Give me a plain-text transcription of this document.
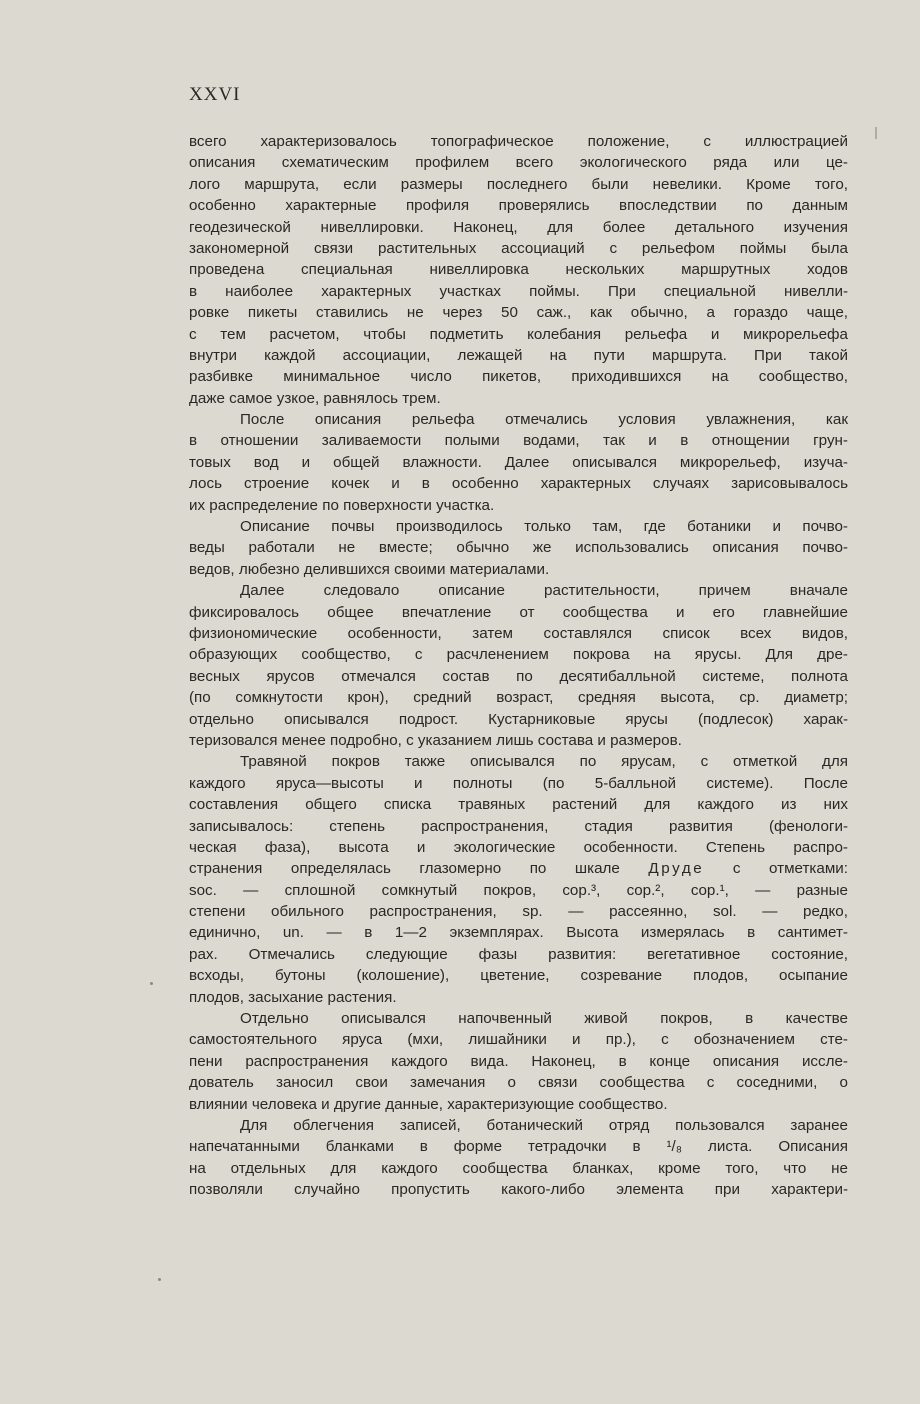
XXVI
всего характеризовалось топографическое положение, с иллюстрацией
описания схематическим профилем всего экологического ряда или це-
лого маршрута, если размеры последнего были невелики. Кроме того,
особенно характерные профиля проверялись впоследствии по данным
геодезической нивеллировки. Наконец, для более детального изучения
закономерной связи растительных ассоциаций с рельефом поймы была
проведена специальная нивеллировка нескольких маршрутных ходов
в наиболее характерных участках поймы. При специальной нивелли-
ровке пикеты ставились не через 50 саж., как обычно, а гораздо чаще,
с тем расчетом, чтобы подметить колебания рельефа и микрорельефа
внутри каждой ассоциации, лежащей на пути маршрута. При такой
разбивке минимальное число пикетов, приходившихся на сообщество,
даже самое узкое, равнялось трем.
После описания рельефа отмечались условия увлажнения, как
в отношении заливаемости полыми водами, так и в отнощении грун-
товых вод и общей влажности. Далее описывался микрорельеф, изуча-
лось строение кочек и в особенно характерных случаях зарисовывалось
их распределение по поверхности участка.
Описание почвы производилось только там, где ботаники и почво-
веды работали не вместе; обычно же использовались описания почво-
ведов, любезно делившихся своими материалами.
Далее следовало описание растительности, причем вначале
фиксировалось общее впечатление от сообщества и его главнейшие
физиономические особенности, затем составлялся список всех видов,
образующих сообщество, с расчленением покрова на ярусы. Для дре-
весных ярусов отмечался состав по десятибалльной системе, полнота
(по сомкнутости крон), средний возраст, средняя высота, ср. диаметр;
отдельно описывался подрост. Кустарниковые ярусы (подлесок) харак-
теризовался менее подробно, с указанием лишь состава и размеров.
Травяной покров также описывался по ярусам, с отметкой для
каждого яруса—высоты и полноты (по 5-балльной системе). После
составления общего списка травяных растений для каждого из них
записывалось: степень распространения, стадия развития (фенологи-
ческая фаза), высота и экологические особенности. Степень распро-
странения определялась глазомерно по шкале Друде с отметками:
soc. — сплошной сомкнутый покров, cop.³, cop.², cop.¹, — разные
степени обильного распространения, sp. — рассеянно, sol. — редко,
единично, un. — в 1—2 экземплярах. Высота измерялась в сантимет-
рах. Отмечались следующие фазы развития: вегетативное состояние,
всходы, бутоны (колошение), цветение, созревание плодов, осыпание
плодов, засыхание растения.
Отдельно описывался напочвенный живой покров, в качестве
самостоятельного яруса (мхи, лишайники и пр.), с обозначением сте-
пени распространения каждого вида. Наконец, в конце описания иссле-
дователь заносил свои замечания о связи сообщества с соседними, о
влиянии человека и другие данные, характеризующие сообщество.
Для облегчения записей, ботанический отряд пользовался заранее
напечатанными бланками в форме тетрадочки в ¹/₈ листа. Описания
на отдельных для каждого сообщества бланках, кроме того, что не
позволяли случайно пропустить какого-либо элемента при характери-
